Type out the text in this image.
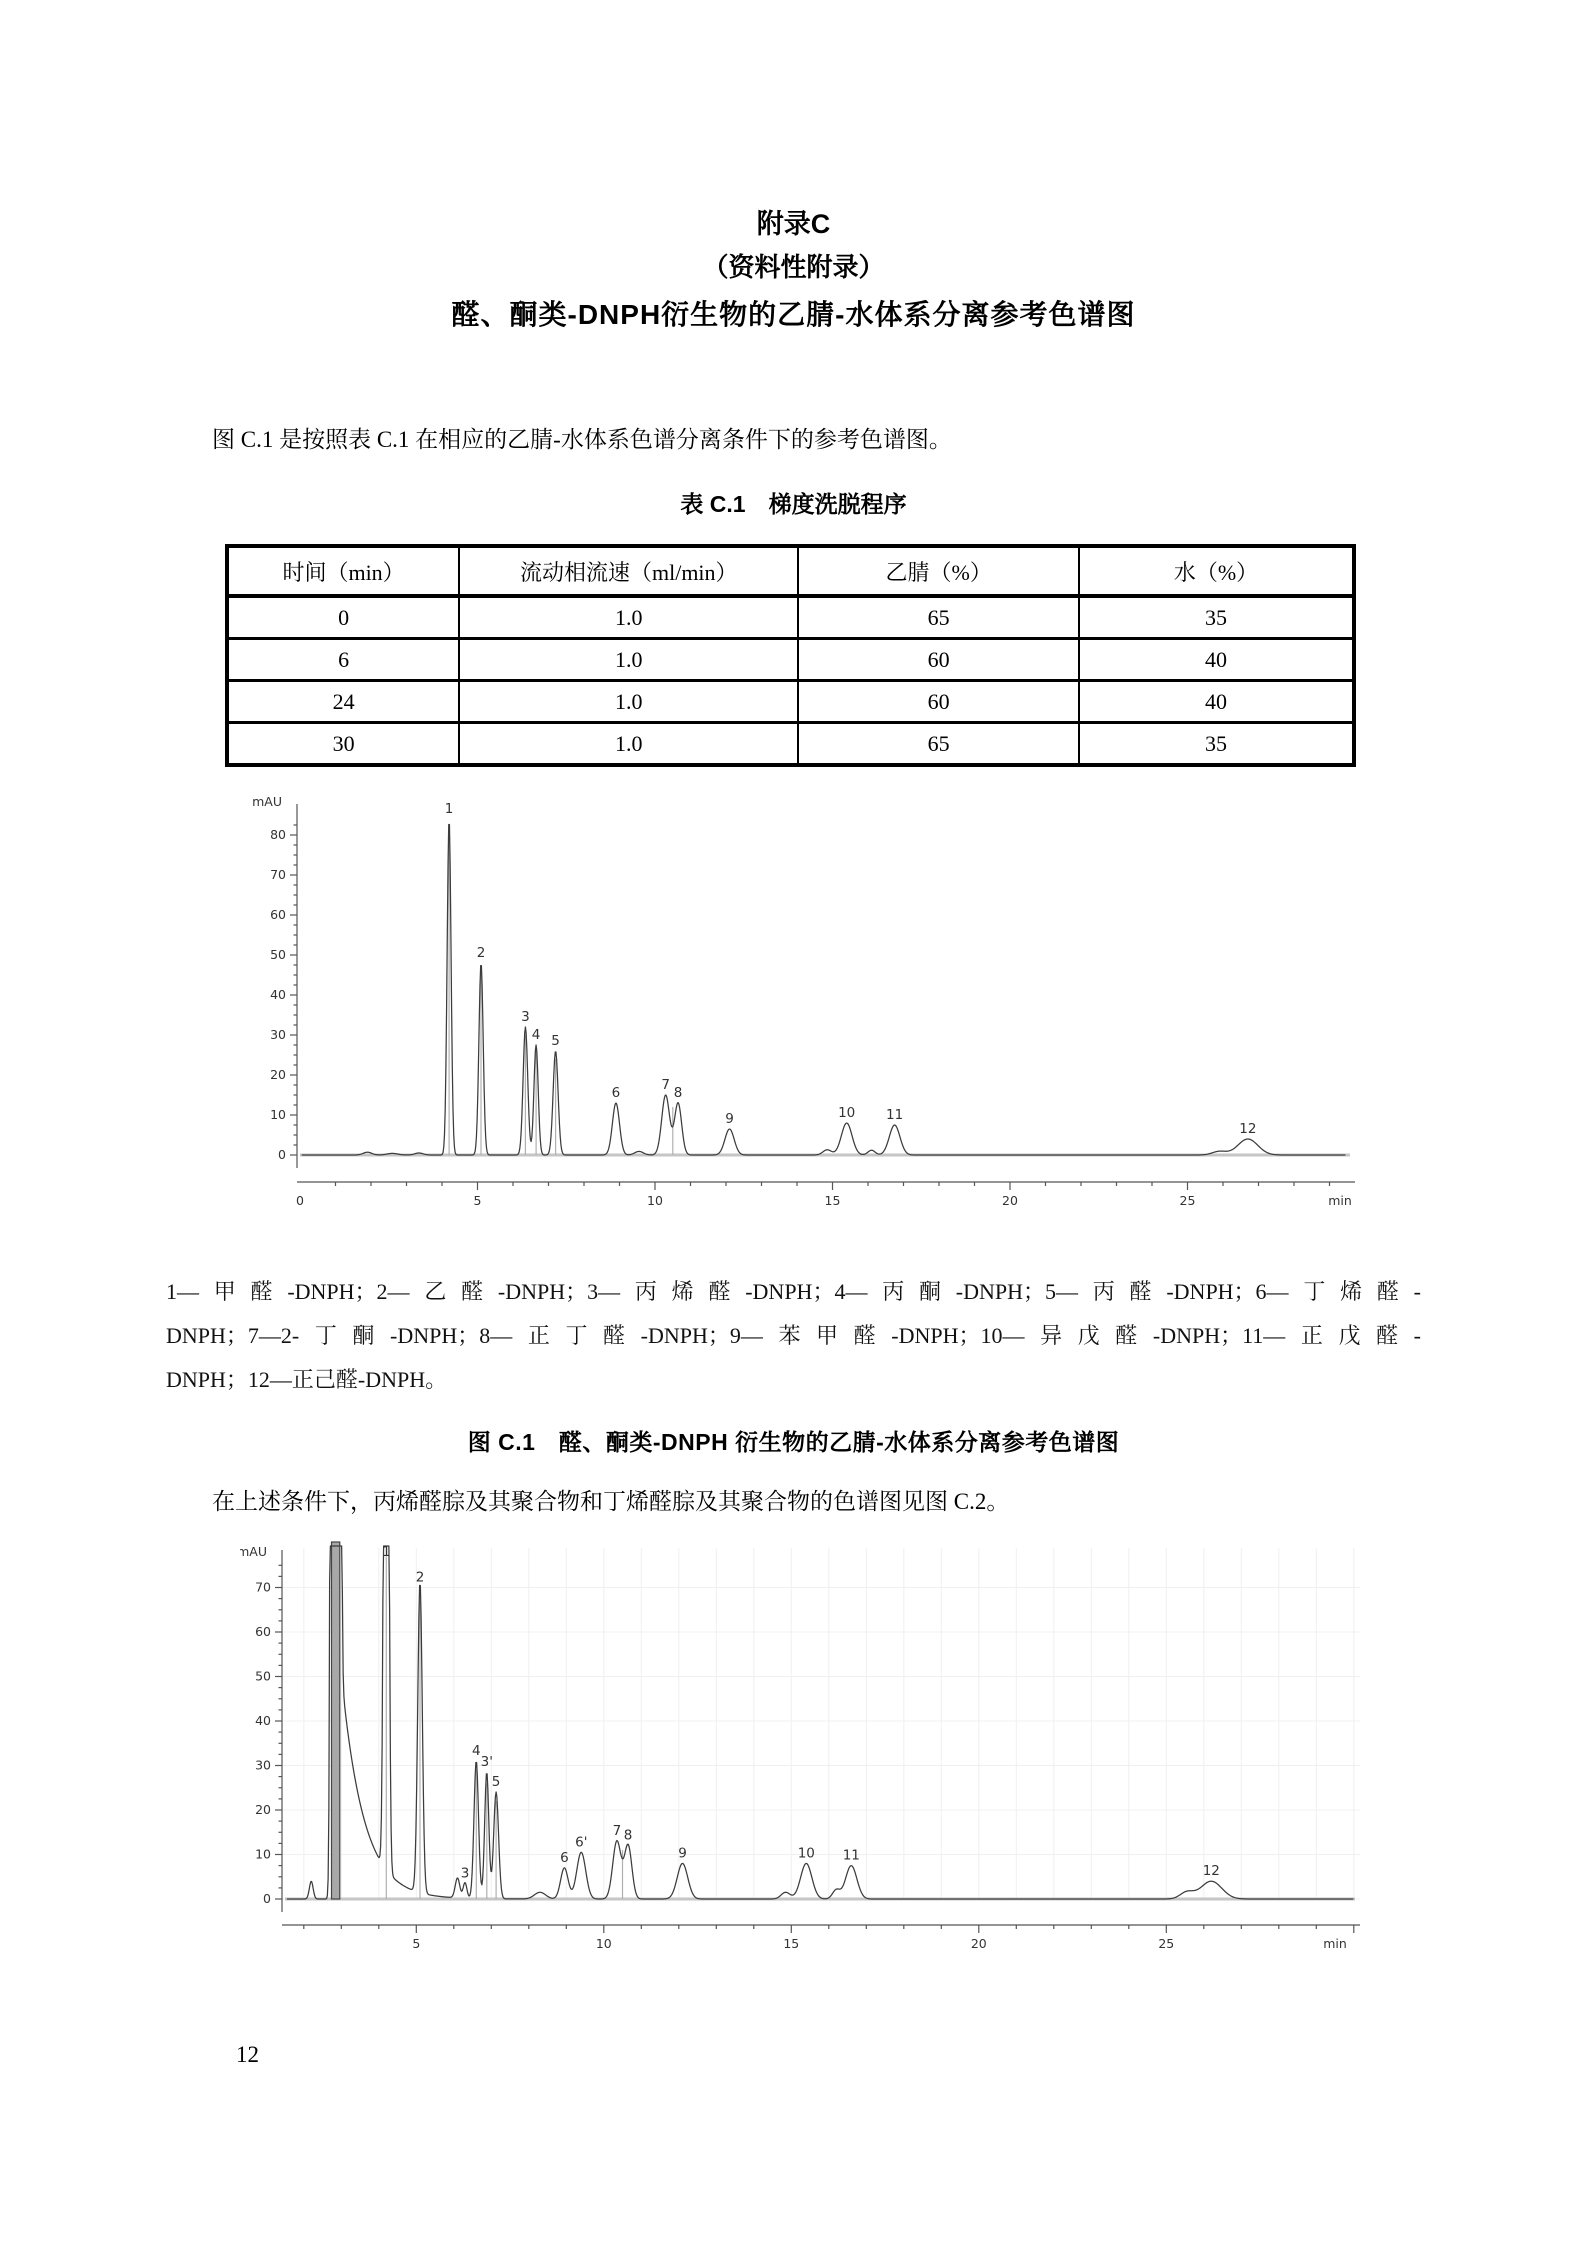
附录C
（资料性附录）
醛、酮类-DNPH衍生物的乙腈-水体系分离参考色谱图
图 C.1 是按照表 C.1 在相应的乙腈-水体系色谱分离条件下的参考色谱图。
表 C.1　梯度洗脱程序
时间（min）	流动相流速（ml/min）	乙腈（%）	水（%）
0	1.0	65	35
6	1.0	60	40
24	1.0	60	40
30	1.0	65	35
0
10
20
30
40
50
60
70
80
mAU
0	5	10	15	20	25	min
1
2
3
4 5
6	7 8
9	10 11
12
1—甲醛-DNPH；2—乙醛-DNPH；3—丙烯醛-DNPH；4—丙酮-DNPH；5—丙醛-DNPH；6—丁烯醛-
DNPH；7—2-丁酮-DNPH；8—正丁醛-DNPH；9—苯甲醛-DNPH；10—异戊醛-DNPH；11—正戊醛-
DNPH；12—正己醛-DNPH。
图 C.1　醛、酮类-DNPH 衍生物的乙腈-水体系分离参考色谱图
在上述条件下，丙烯醛腙及其聚合物和丁烯醛腙及其聚合物的色谱图见图 C.2。
0
10
20
30
40
50
60
70
mAU
5	10	15	20	25	min
1
2
3
4
3'
5
6
6'
7 8
9	10 11
12
12
